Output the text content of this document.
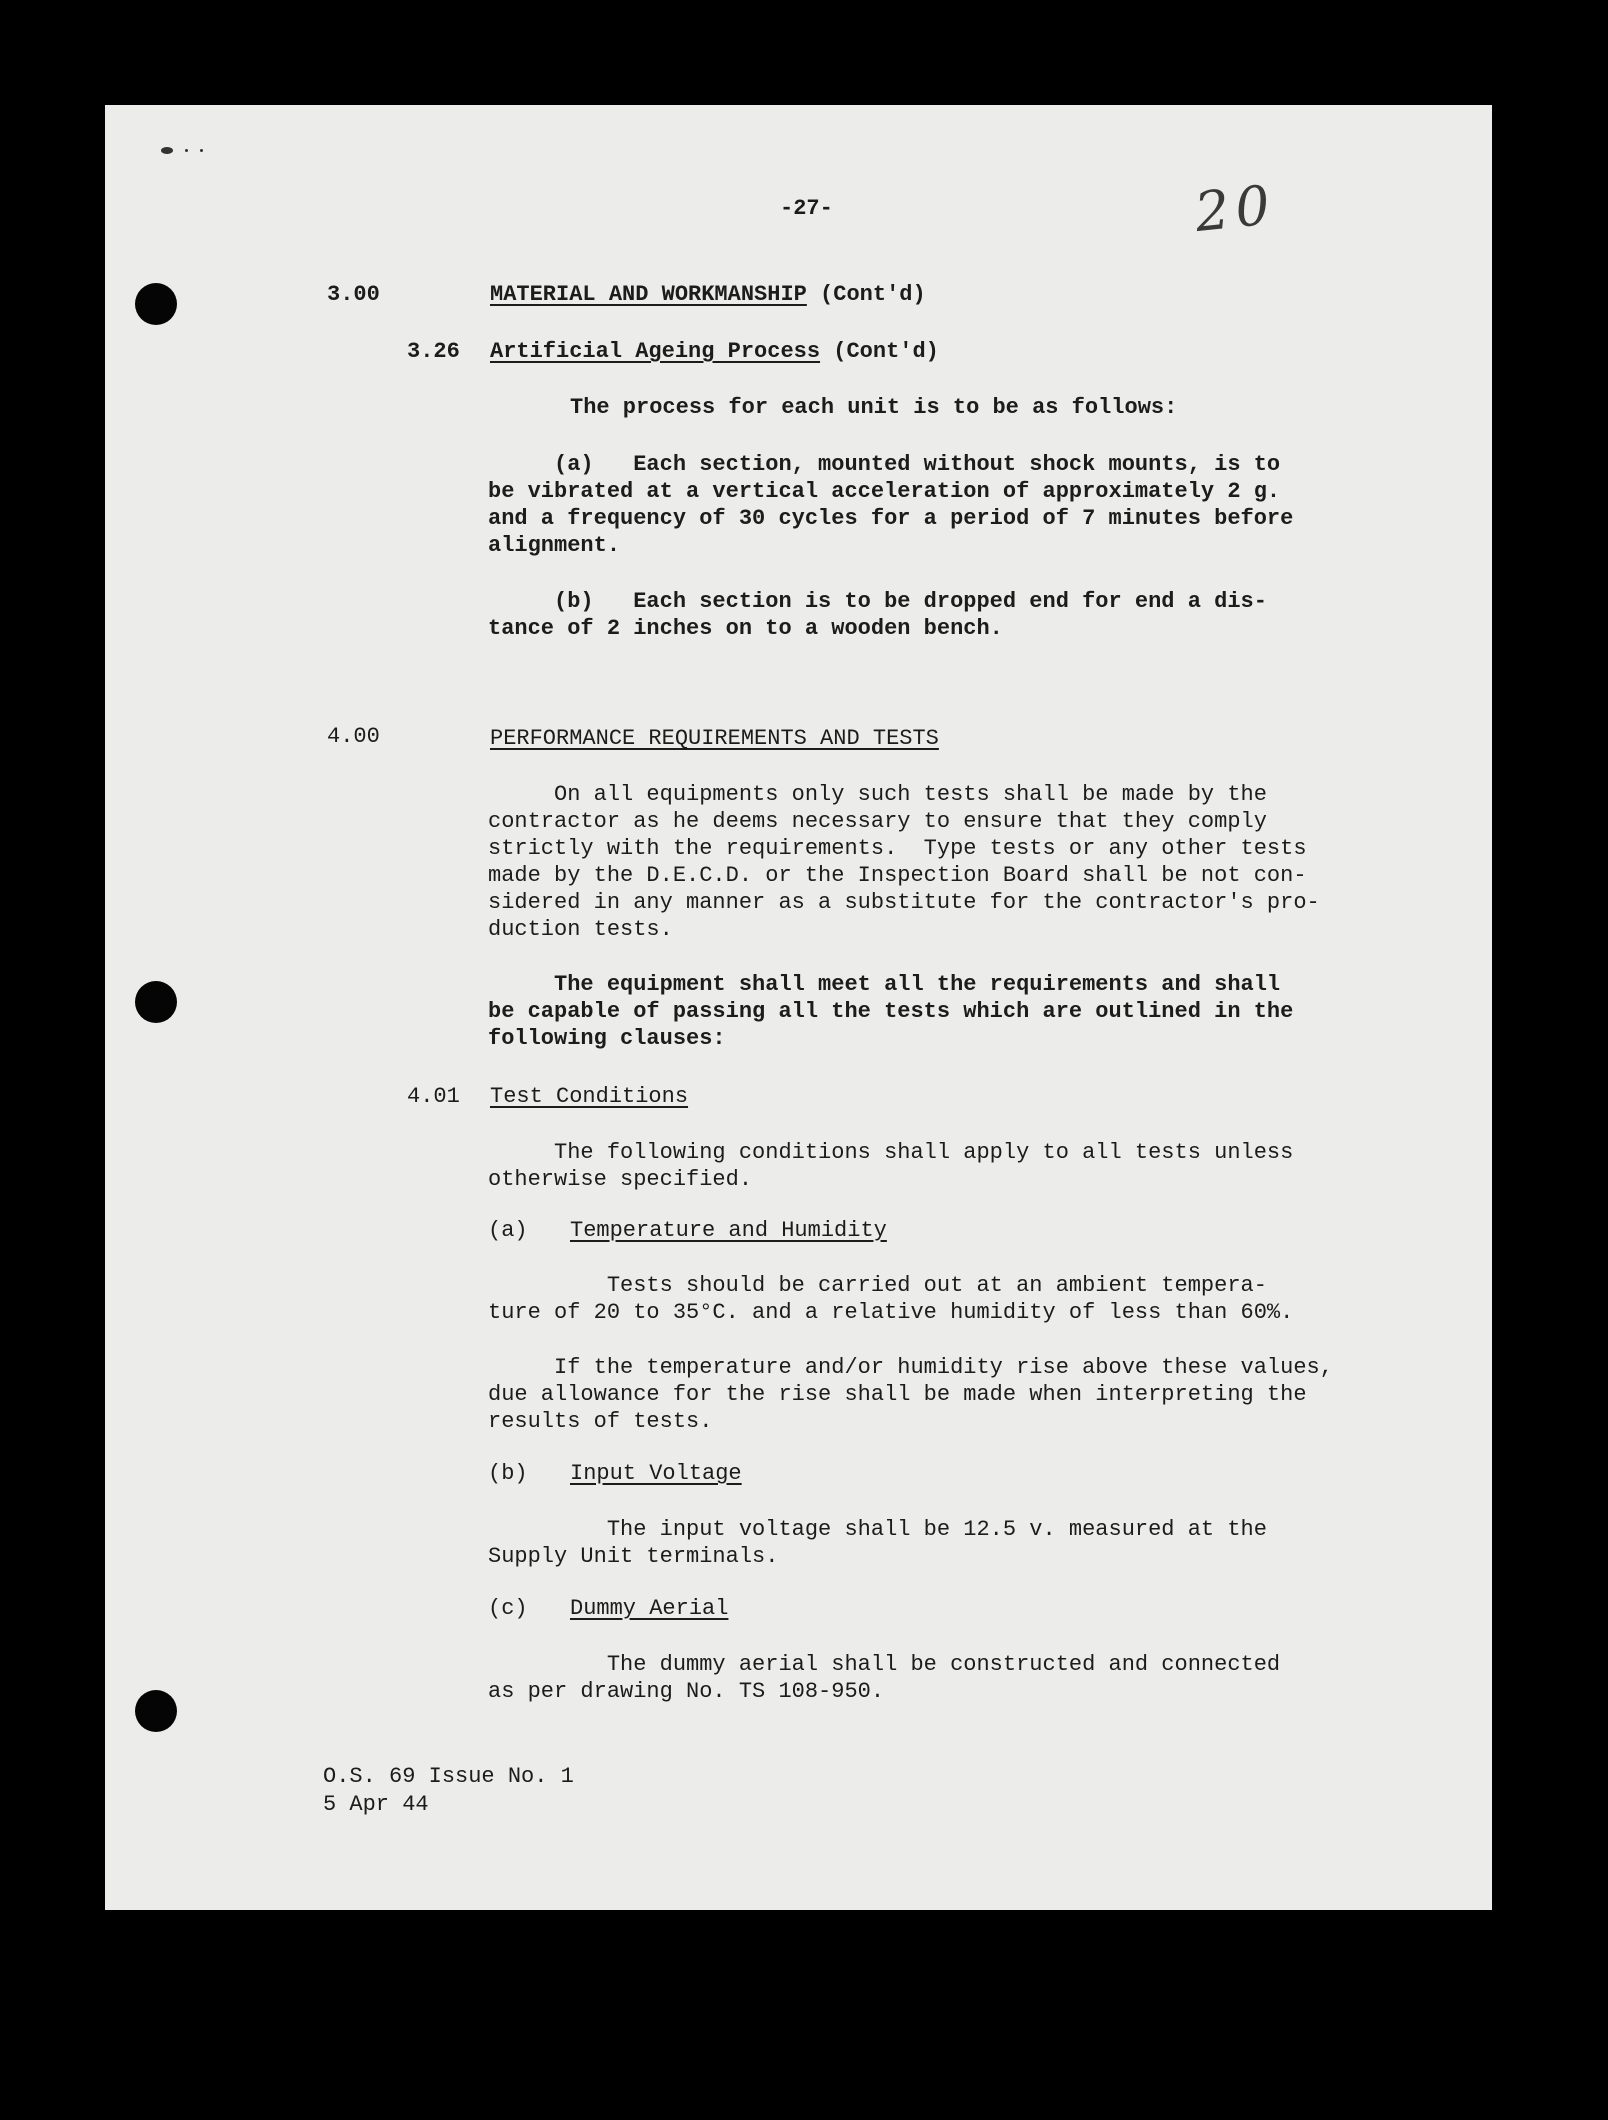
-27-	20
3.00	MATERIAL AND WORKMANSHIP (Cont'd)
3.26 Artificial Ageing Process (Cont'd)
The process for each unit is to be as follows:
(a)   Each section, mounted without shock mounts, is to
be vibrated at a vertical acceleration of approximately 2 g.
and a frequency of 30 cycles for a period of 7 minutes before
alignment.
(b)   Each section is to be dropped end for end a dis-
tance of 2 inches on to a wooden bench.
4.00	PERFORMANCE REQUIREMENTS AND TESTS
On all equipments only such tests shall be made by the
contractor as he deems necessary to ensure that they comply
strictly with the requirements.  Type tests or any other tests
made by the D.E.C.D. or the Inspection Board shall be not con-
sidered in any manner as a substitute for the contractor's pro-
duction tests.
The equipment shall meet all the requirements and shall
be capable of passing all the tests which are outlined in the
following clauses:
4.01 Test Conditions
The following conditions shall apply to all tests unless
otherwise specified.
(a) Temperature and Humidity
Tests should be carried out at an ambient tempera-
ture of 20 to 35°C. and a relative humidity of less than 60%.
If the temperature and/or humidity rise above these values,
due allowance for the rise shall be made when interpreting the
results of tests.
(b) Input Voltage
The input voltage shall be 12.5 v. measured at the
Supply Unit terminals.
(c) Dummy Aerial
The dummy aerial shall be constructed and connected
as per drawing No. TS 108-950.
O.S. 69 Issue No. 1
5 Apr 44
